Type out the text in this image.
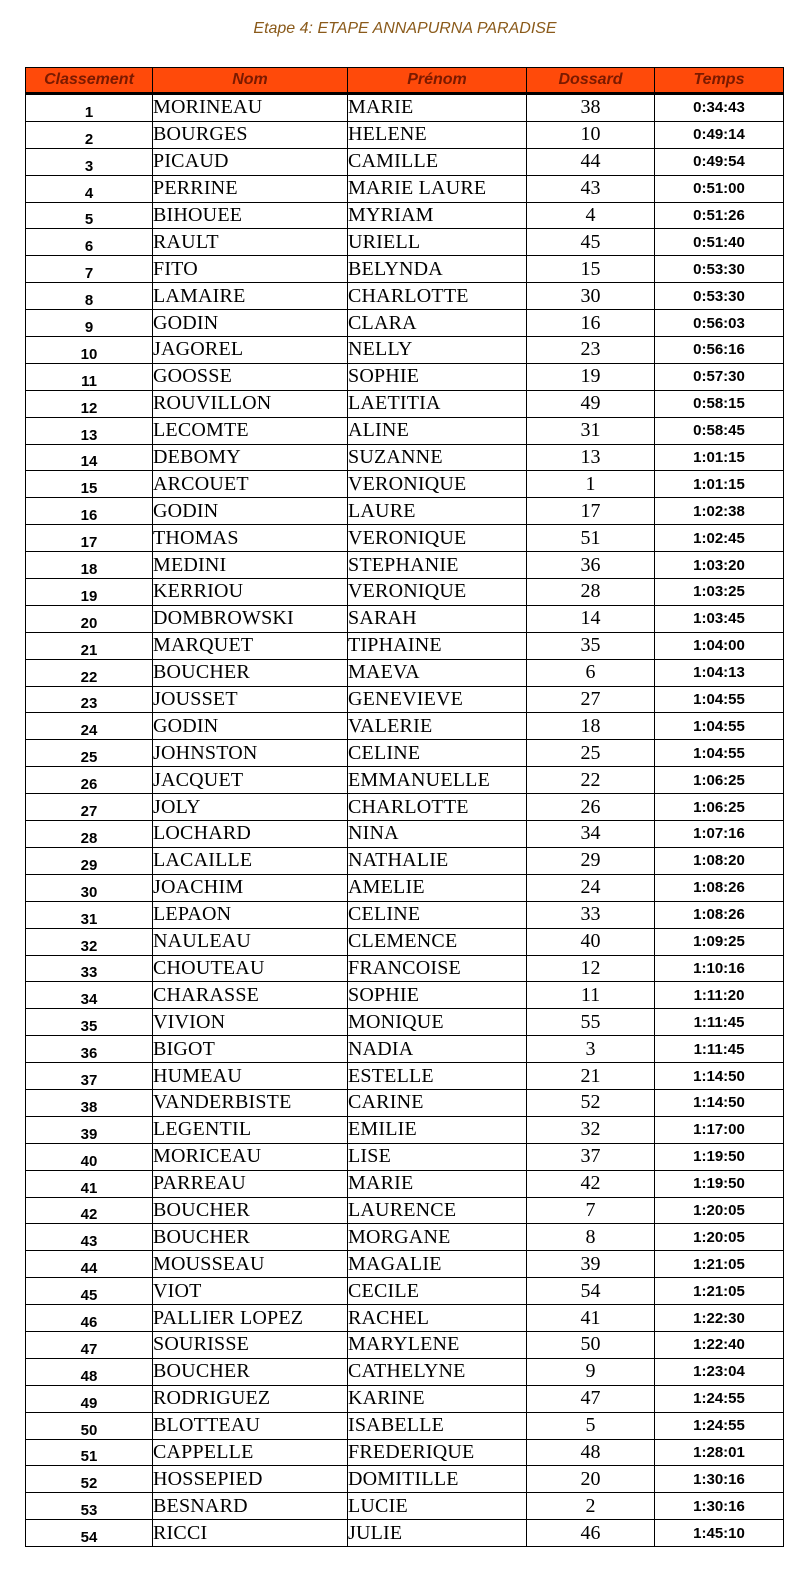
Etape 4: ETAPE ANNAPURNA PARADISE
Classement	Nom	Prénom	Dossard	Temps
1	MORINEAU	MARIE	38	0:34:43
2	BOURGES	HELENE	10	0:49:14
3	PICAUD	CAMILLE	44	0:49:54
4	PERRINE	MARIE LAURE	43	0:51:00
5	BIHOUEE	MYRIAM	4	0:51:26
6	RAULT	URIELL	45	0:51:40
7	FITO	BELYNDA	15	0:53:30
8	LAMAIRE	CHARLOTTE	30	0:53:30
9	GODIN	CLARA	16	0:56:03
10	JAGOREL	NELLY	23	0:56:16
11	GOOSSE	SOPHIE	19	0:57:30
12	ROUVILLON	LAETITIA	49	0:58:15
13	LECOMTE	ALINE	31	0:58:45
14	DEBOMY	SUZANNE	13	1:01:15
15	ARCOUET	VERONIQUE	1	1:01:15
16	GODIN	LAURE	17	1:02:38
17	THOMAS	VERONIQUE	51	1:02:45
18	MEDINI	STEPHANIE	36	1:03:20
19	KERRIOU	VERONIQUE	28	1:03:25
20	DOMBROWSKI	SARAH	14	1:03:45
21	MARQUET	TIPHAINE	35	1:04:00
22	BOUCHER	MAEVA	6	1:04:13
23	JOUSSET	GENEVIEVE	27	1:04:55
24	GODIN	VALERIE	18	1:04:55
25	JOHNSTON	CELINE	25	1:04:55
26	JACQUET	EMMANUELLE	22	1:06:25
27	JOLY	CHARLOTTE	26	1:06:25
28	LOCHARD	NINA	34	1:07:16
29	LACAILLE	NATHALIE	29	1:08:20
30	JOACHIM	AMELIE	24	1:08:26
31	LEPAON	CELINE	33	1:08:26
32	NAULEAU	CLEMENCE	40	1:09:25
33	CHOUTEAU	FRANCOISE	12	1:10:16
34	CHARASSE	SOPHIE	11	1:11:20
35	VIVION	MONIQUE	55	1:11:45
36	BIGOT	NADIA	3	1:11:45
37	HUMEAU	ESTELLE	21	1:14:50
38	VANDERBISTE	CARINE	52	1:14:50
39	LEGENTIL	EMILIE	32	1:17:00
40	MORICEAU	LISE	37	1:19:50
41	PARREAU	MARIE	42	1:19:50
42	BOUCHER	LAURENCE	7	1:20:05
43	BOUCHER	MORGANE	8	1:20:05
44	MOUSSEAU	MAGALIE	39	1:21:05
45	VIOT	CECILE	54	1:21:05
46	PALLIER LOPEZ	RACHEL	41	1:22:30
47	SOURISSE	MARYLENE	50	1:22:40
48	BOUCHER	CATHELYNE	9	1:23:04
49	RODRIGUEZ	KARINE	47	1:24:55
50	BLOTTEAU	ISABELLE	5	1:24:55
51	CAPPELLE	FREDERIQUE	48	1:28:01
52	HOSSEPIED	DOMITILLE	20	1:30:16
53	BESNARD	LUCIE	2	1:30:16
54	RICCI	JULIE	46	1:45:10
